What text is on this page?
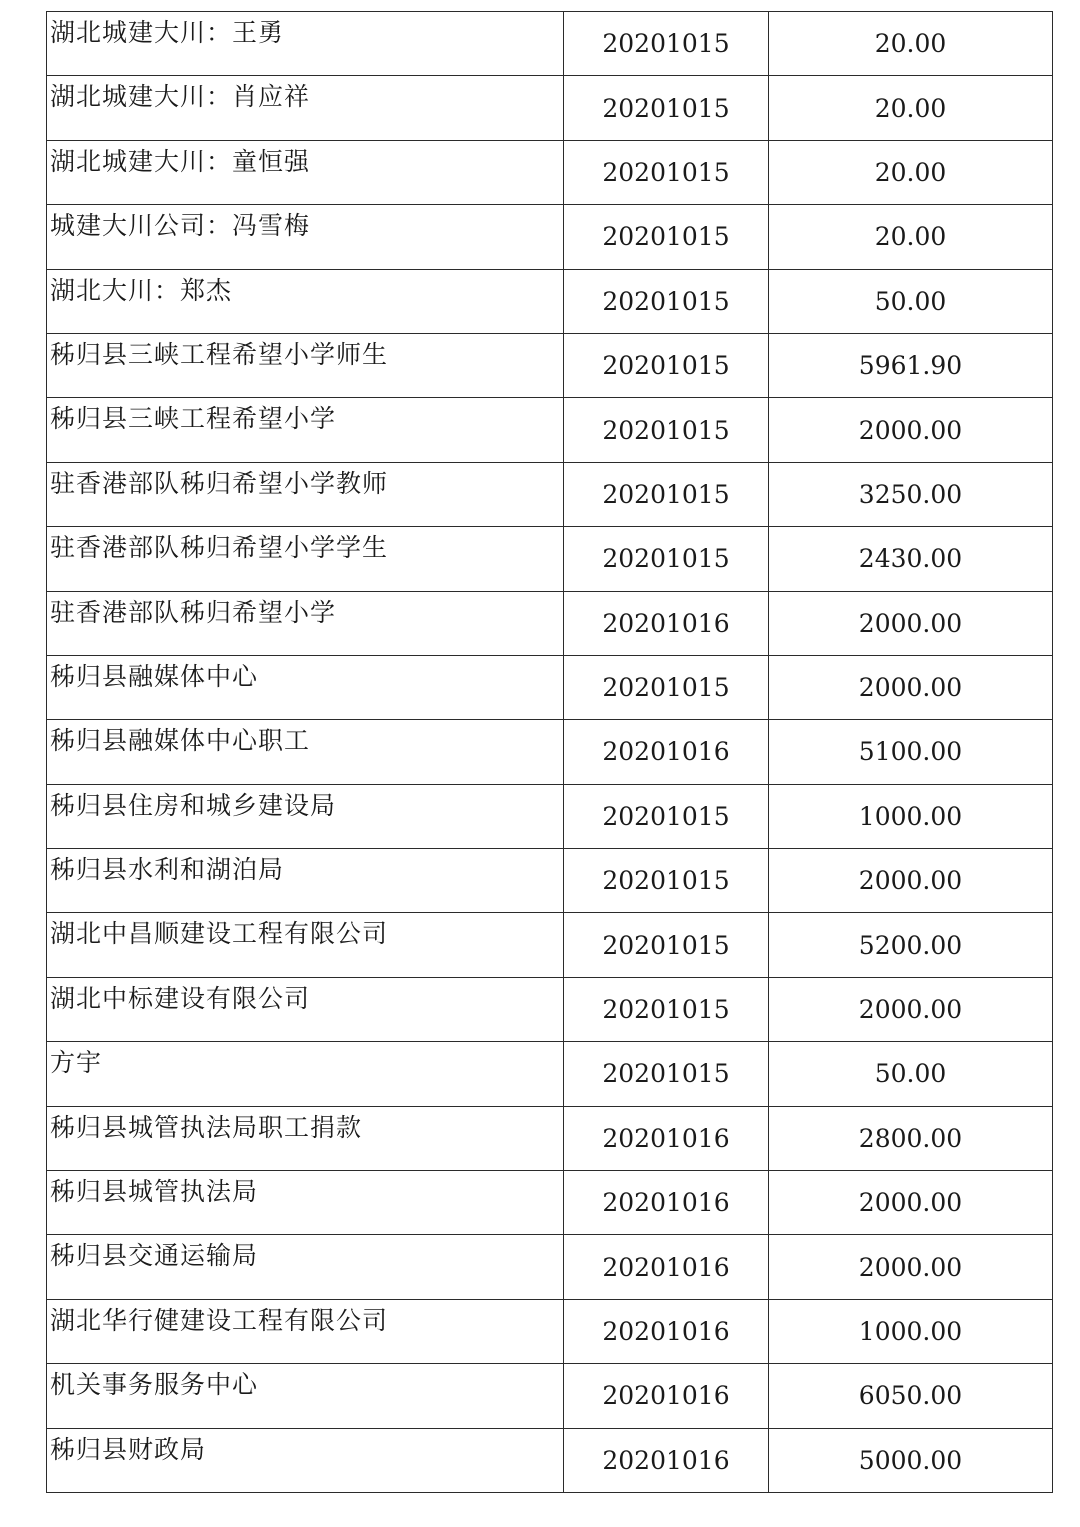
湖北城建大川：王勇	20201015	20.00
湖北城建大川：肖应祥	20201015	20.00
湖北城建大川：童恒强	20201015	20.00
城建大川公司：冯雪梅	20201015	20.00
湖北大川：郑杰	20201015	50.00
秭归县三峡工程希望小学师生	20201015	5961.90
秭归县三峡工程希望小学	20201015	2000.00
驻香港部队秭归希望小学教师	20201015	3250.00
驻香港部队秭归希望小学学生	20201015	2430.00
驻香港部队秭归希望小学	20201016	2000.00
秭归县融媒体中心	20201015	2000.00
秭归县融媒体中心职工	20201016	5100.00
秭归县住房和城乡建设局	20201015	1000.00
秭归县水利和湖泊局	20201015	2000.00
湖北中昌顺建设工程有限公司	20201015	5200.00
湖北中标建设有限公司	20201015	2000.00
方宇	20201015	50.00
秭归县城管执法局职工捐款	20201016	2800.00
秭归县城管执法局	20201016	2000.00
秭归县交通运输局	20201016	2000.00
湖北华行健建设工程有限公司	20201016	1000.00
机关事务服务中心	20201016	6050.00
秭归县财政局	20201016	5000.00
